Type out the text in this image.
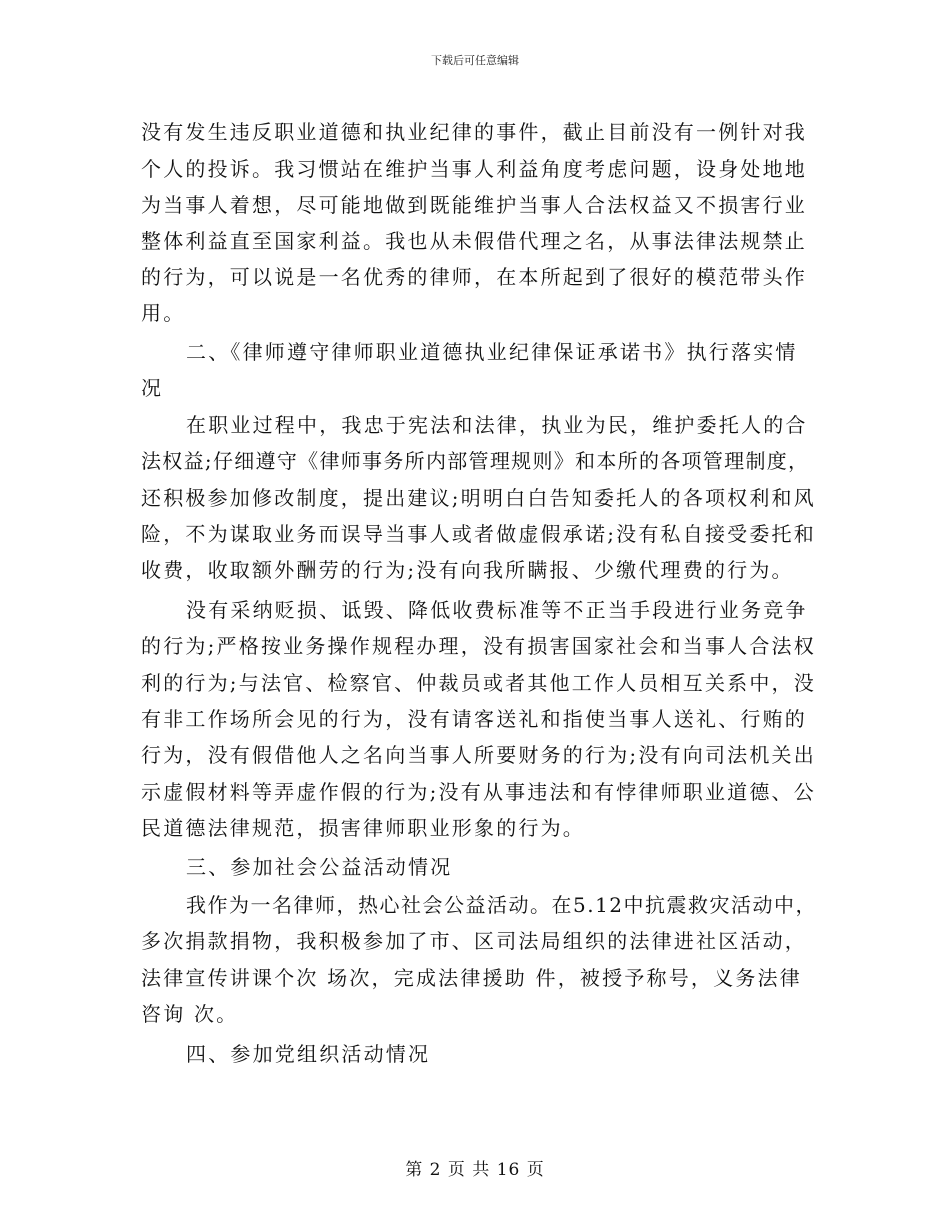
下载后可任意编辑
没有发生违反职业道德和执业纪律的事件，截止目前没有一例针对我
个人的投诉。我习惯站在维护当事人利益角度考虑问题，设身处地地
为当事人着想，尽可能地做到既能维护当事人合法权益又不损害行业
整体利益直至国家利益。我也从未假借代理之名，从事法律法规禁止
的行为，可以说是一名优秀的律师，在本所起到了很好的模范带头作
用。
二、《律师遵守律师职业道德执业纪律保证承诺书》执行落实情
况
在职业过程中，我忠于宪法和法律，执业为民，维护委托人的合
法权益;仔细遵守《律师事务所内部管理规则》和本所的各项管理制度，
还积极参加修改制度，提出建议;明明白白告知委托人的各项权利和风
险，不为谋取业务而误导当事人或者做虚假承诺;没有私自接受委托和
收费，收取额外酬劳的行为;没有向我所瞒报、少缴代理费的行为。
没有采纳贬损、诋毁、降低收费标准等不正当手段进行业务竞争
的行为;严格按业务操作规程办理，没有损害国家社会和当事人合法权
利的行为;与法官、检察官、仲裁员或者其他工作人员相互关系中，没
有非工作场所会见的行为，没有请客送礼和指使当事人送礼、行贿的
行为，没有假借他人之名向当事人所要财务的行为;没有向司法机关出
示虚假材料等弄虚作假的行为;没有从事违法和有悖律师职业道德、公
民道德法律规范，损害律师职业形象的行为。
三、参加社会公益活动情况
我作为一名律师，热心社会公益活动。在5.12中抗震救灾活动中，
多次捐款捐物，我积极参加了市、区司法局组织的法律进社区活动，
法律宣传讲课个次 场次，完成法律援助 件，被授予称号，义务法律
咨询 次。
四、参加党组织活动情况
第 2 页 共 16 页
